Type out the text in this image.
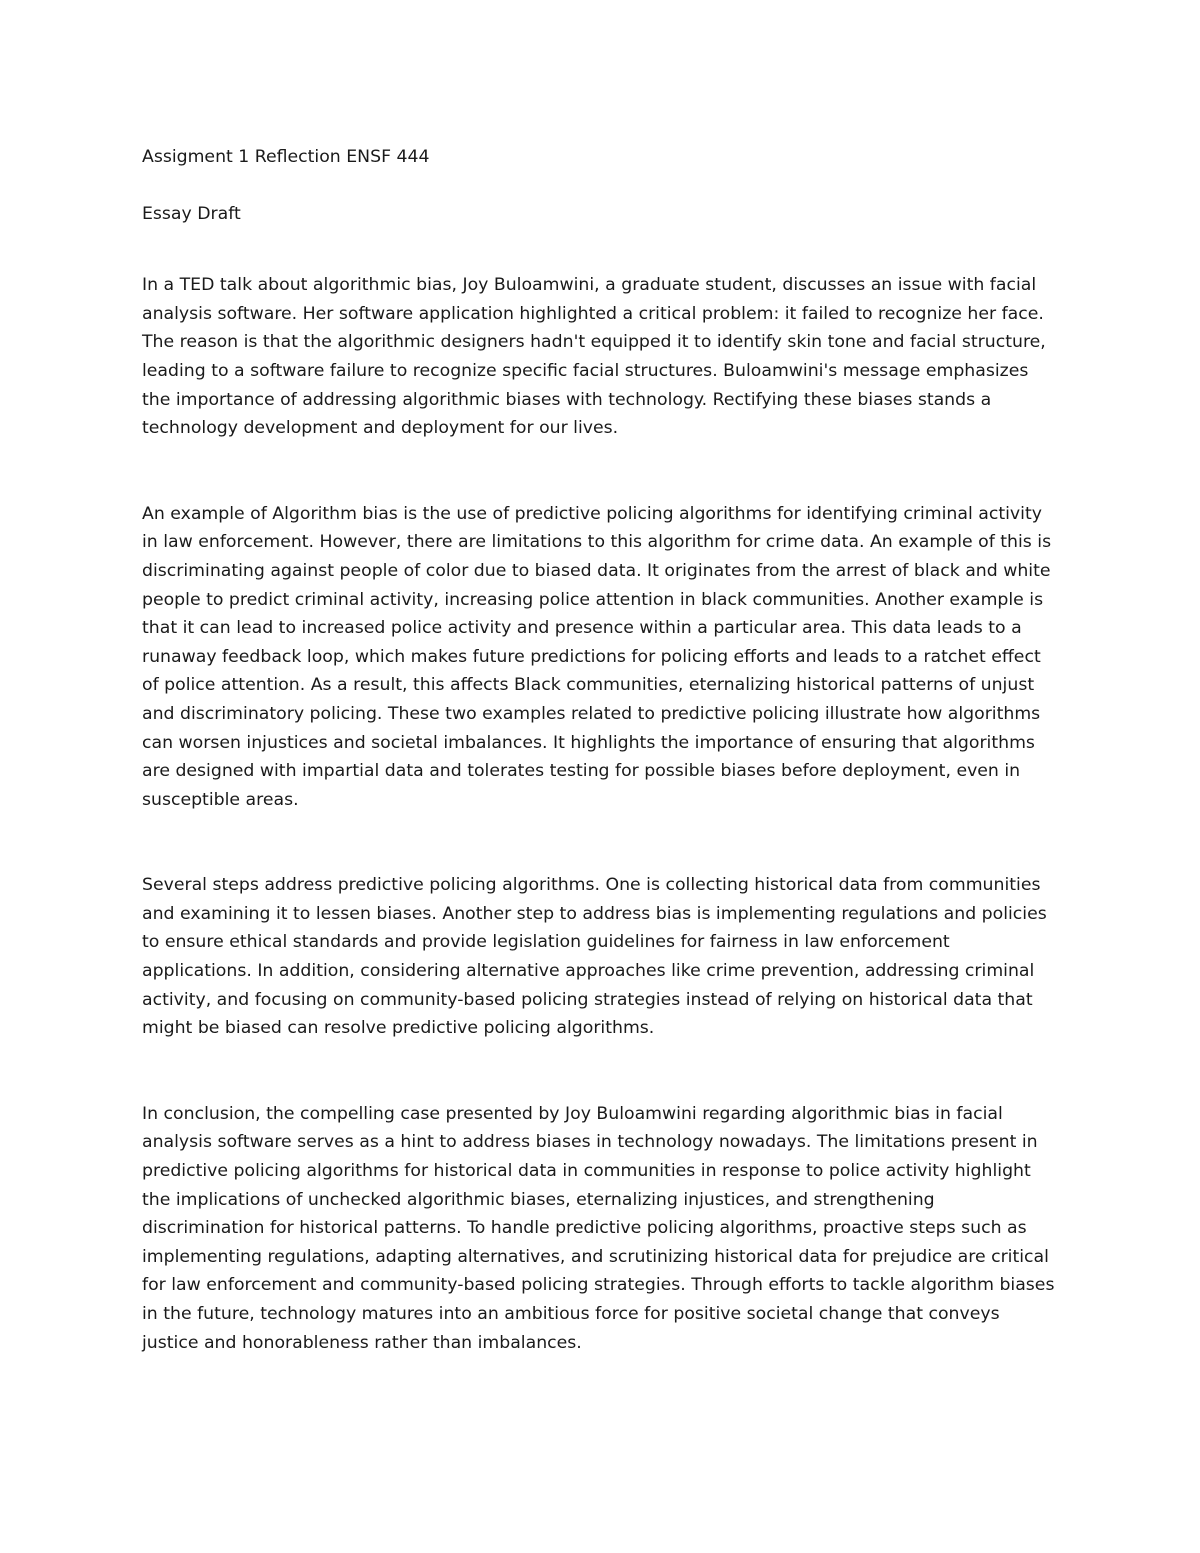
Assigment 1 Reflection ENSF 444
Essay Draft

In a TED talk about algorithmic bias, Joy Buloamwini, a graduate student, discusses an issue with facial
analysis software. Her software application highlighted a critical problem: it failed to recognize her face.
The reason is that the algorithmic designers hadn't equipped it to identify skin tone and facial structure,
leading to a software failure to recognize specific facial structures. Buloamwini's message emphasizes
the importance of addressing algorithmic biases with technology. Rectifying these biases stands a
technology development and deployment for our lives.

An example of Algorithm bias is the use of predictive policing algorithms for identifying criminal activity
in law enforcement. However, there are limitations to this algorithm for crime data. An example of this is
discriminating against people of color due to biased data. It originates from the arrest of black and white
people to predict criminal activity, increasing police attention in black communities. Another example is
that it can lead to increased police activity and presence within a particular area. This data leads to a
runaway feedback loop, which makes future predictions for policing efforts and leads to a ratchet effect
of police attention. As a result, this affects Black communities, eternalizing historical patterns of unjust
and discriminatory policing. These two examples related to predictive policing illustrate how algorithms
can worsen injustices and societal imbalances. It highlights the importance of ensuring that algorithms
are designed with impartial data and tolerates testing for possible biases before deployment, even in
susceptible areas.

Several steps address predictive policing algorithms. One is collecting historical data from communities
and examining it to lessen biases. Another step to address bias is implementing regulations and policies
to ensure ethical standards and provide legislation guidelines for fairness in law enforcement
applications. In addition, considering alternative approaches like crime prevention, addressing criminal
activity, and focusing on community-based policing strategies instead of relying on historical data that
might be biased can resolve predictive policing algorithms.

In conclusion, the compelling case presented by Joy Buloamwini regarding algorithmic bias in facial
analysis software serves as a hint to address biases in technology nowadays. The limitations present in
predictive policing algorithms for historical data in communities in response to police activity highlight
the implications of unchecked algorithmic biases, eternalizing injustices, and strengthening
discrimination for historical patterns. To handle predictive policing algorithms, proactive steps such as
implementing regulations, adapting alternatives, and scrutinizing historical data for prejudice are critical
for law enforcement and community-based policing strategies. Through efforts to tackle algorithm biases
in the future, technology matures into an ambitious force for positive societal change that conveys
justice and honorableness rather than imbalances.
